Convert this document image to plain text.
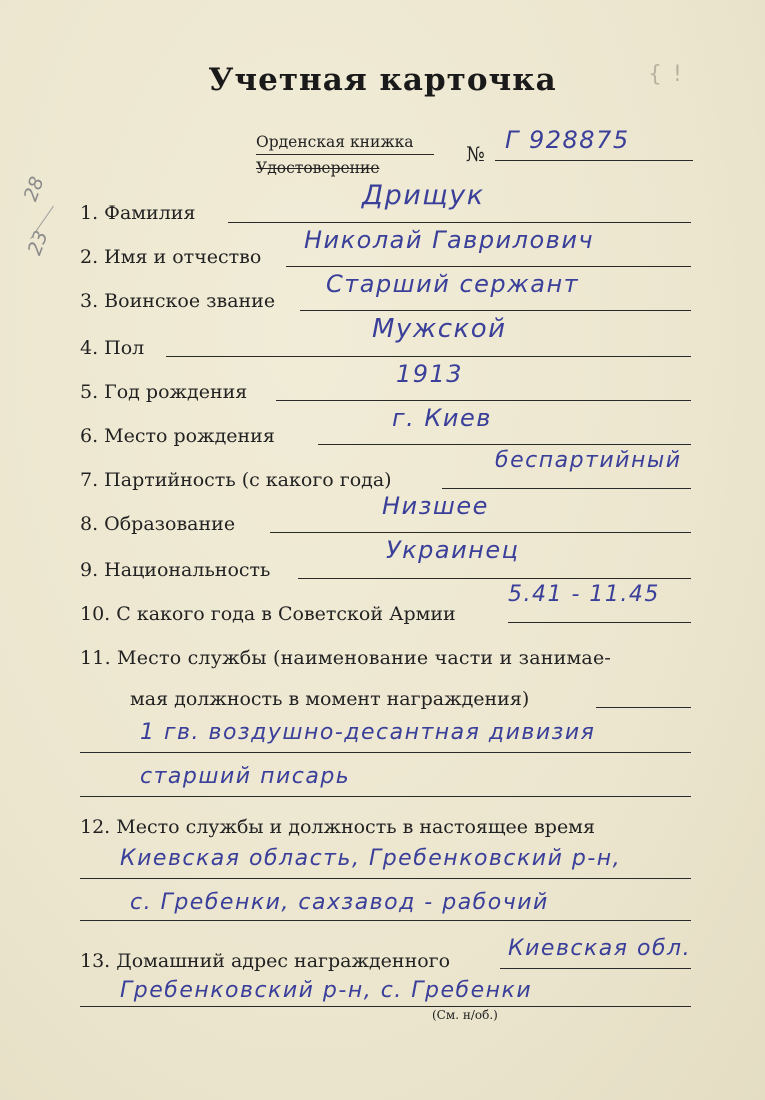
Учетная карточка	{ !
Орденская книжка
Удостоверение
№ Г 928875
28
23
1. Фамилия
Дрищук
2. Имя и отчество
Николай Гаврилович
3. Воинское звание
Старший сержант
4. Пол
Мужской
5. Год рождения
1913
6. Место рождения
г. Киев
7. Партийность (с какого года)
беспартийный
8. Образование
Низшее
9. Национальность
Украинец
10. С какого года в Советской Армии
5.41 - 11.45
11. Место службы (наименование части и занимае-
мая должность в момент награждения)
1 гв. воздушно-десантная дивизия
старший писарь
12. Место службы и должность в настоящее время
Киевская область, Гребенковский р-н,
с. Гребенки, сахзавод - рабочий
13. Домашний адрес награжденного	Киевская обл.
Гребенковский р-н, с. Гребенки
(См. н/об.)
